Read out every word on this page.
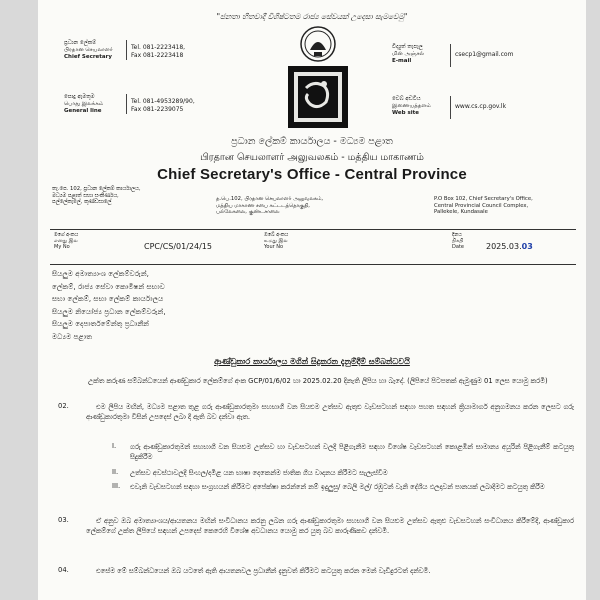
"ජනතා හිතවාදී විශිෂ්ටතම රාජ්‍ය සේවයක් උදෙසා සැමවෙමු"
ප්‍රධාන ලේකම්
பிரதான செயலாளர்
Chief Secretary
Tel. 081-2223418,
Fax 081-2223418
පොදු ඇමතුම
பொது இலக்கம்
General line
Tel. 081-4953289/90,
Fax 081-2239075
විද්‍යුත් තැපෑල
மின் அஞ்சல்
E-mail
csecp1@gmail.com
වෙබ් අඩවිය
இணையத்தளம்
Web site
www.cs.cp.gov.lk
ප්‍රධාන ලේකම් කාර්යාලය - මධ්‍යම පළාත
பிரதான செயலாளர் அலுவலகம் - மத்திய மாகாணம்
Chief Secretary's Office - Central Province
තැ.පෙ. 102, ප්‍රධාන ලේකම් කාර්යාලය,
මධ්‍යම පළාත් සභා සංකීර්ණය,
පල්ලේකැලේ, කුණ්ඩසාලේ	த.பெ.102, பிரதான செயலாளர் அலுவலகம்,
மத்திய மாகாண சபை கட்டடத்தொகுதி,
பல்லேகலை, குண்டசாலை
P.O Box 102, Chief Secretary's Office,
Central Provincial Council Complex,
Pallekele, Kundasale
මගේ අංකය
எனது இல
My No	CPC/CS/01/24/15
ඔබේ අංකය
உமது இல
Your No
දිනය
திகதி
Date	2025.03.03
සියලුම අමාත්‍යාංශ ලේකම්වරුන්,
ලේකම්, රාජ්‍ය සේවා කොමිෂන් සභාව
සභා ලේකම්, සභා ලේකම් කාර්යාලය
සියලුම නියෝජ්‍ය ප්‍රධාන ලේකම්වරුන්,
සියලුම දෙපාර්තමේන්තු ප්‍රධානීන්
මධ්‍යම පළාත
ආණ්ඩුකාර කාර්යාලය මගින් සිදුකරන දැනුම්දීම් සම්බන්ධවයි
උක්ත කරුණ සම්බන්ධයෙන් ආණ්ඩුකාර ලේකම්ගේ අංක GCP/01/6/02 හා 2025.02.20 දිනැති ලිපිය හා බැදේ. (ලිපියේ පිටපතක් ඇමුණුම 01 ලෙස යොමු කරමි)
02.	එම ලිපිය මඟින්, මධ්‍යම පළාත තුළ ගරු ආණ්ඩුකාරතුමා සහභාගී වන සියළුම උත්සව ඇතුළු වැඩසටහන් සඳහා පහත සඳහන් ක්‍රියාමාර්ග අනුගමනය කරන ලෙසට ගරු ආණ්ඩුකාරතුමා විසින් උපදෙස් ලබා දී ඇති බව දන්වා ඇත.
I. ගරු ආණ්ඩුකාරතුමන් සහභාගී වන සියළුම උත්සව හා වැඩසටහන් වලදී පිළිගැනීම සඳහා විශේෂ වැඩසටහන් කොළඹින් සාමාන්‍ය අයුරින් පිළිගැනීම් කටයුතු සිදුකිරීම
II. උත්සව අවස්ථාවලදී සිංහල/දමිළ යන භාෂා දෙකෙන්ම ජාතික ගීය වාදනය කිරීමට සැලැස්වීම
III. එවැනි වැඩසටහන් සඳහා සංග්‍රහයන් කිරීමට අපේක්ෂා කරන්නේ නම් ඉදුලුසු/ බෙලි මල්/ රඹුටන් වැනි දේශීය ඵලදාවන් පානයක් ලබාදීමට කටයුතු කිරීම
03.	ඒ අනුව ඔබ අමාත්‍යාංශය/ආයතනය මඟින් සංවිධානය කරනු ලබන ගරු ආණ්ඩුකාරතුමා සහභාගී වන සියළුම උත්සව ඇතුළු වැඩසටහන් සංවිධානය කිරීමේදී, ආණ්ඩුකාර ලේකම්ගේ උක්ත ලිපියේ සඳහන් උපදෙස් කෙරෙහි විශේෂ අවධානය යොමු කර යුතු බව කාරුණිකව දන්වමි.
04.	එසේම මේ සම්බන්ධයෙන් ඔබ යටතේ ඇති ආයතනවල ප්‍රධානීන් දැනුවත් කිරීමට කටයුතු කරන මෙන් වැඩිදුරටත් දන්වමි.
